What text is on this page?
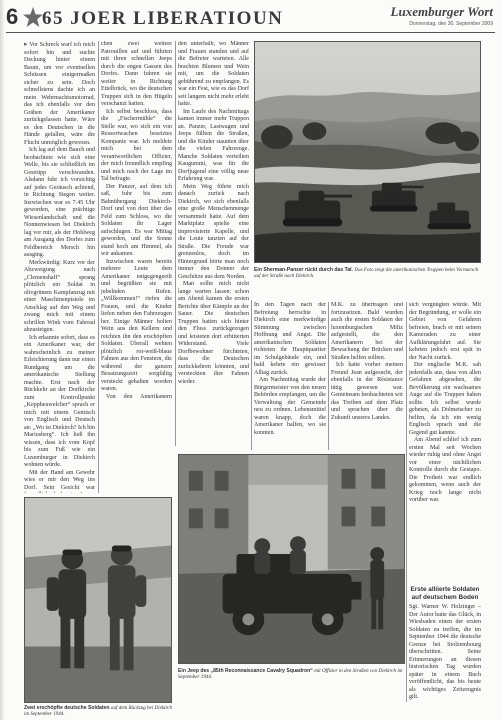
6 65 JOER LIBERATIOUN	Luxemburger Wort
Donnerstag, den 30. September 2009

▸ Vor Schreck warf ich mich sofort hin und suchte Deckung hinter einem Baum, um vor eventuellen Schüssen einigermaßen sicher zu sein. Doch schnellstens dachte ich an mein Wehrmachtsmotorrad, das ich ebenfalls vor den Gräben der Amerikaner zurückgelassen hatte. Wäre es den Deutschen in die Hände gefallen, wäre die Flucht unmöglich gewesen.

Ich lag auf dem Bauch und beobachtete wie sich eine Welle, bis sie schließlich im Gestrüpp verschwanden. Alsdann fuhr ich vorsichtig auf jedes Geräusch achtend, in Richtung Stegen weiter. Inzwischen war es 7.45 Uhr geworden, eine prächtige Wiesenlandschaft und die Nonnenwiesen bei Diekirch lag vor mir, als der Hohlweg am Ausgang des Dorfes zum Feldbereich Mersch hin ausging.

Merkwürdig: Kurz vor der Abzweigung nach „Clemenshaff“ sprang plötzlich ein Soldat in olivgrünem Kampfanzug mit einer Maschinenpistole im Anschlag auf den Weg und zwang mich mit einem schrillen Wink vom Fahrrad abzusteigen.

Ich erkannte sofort, dass es ein Amerikaner war, der wahrscheinlich zu meiner Erleichterung dann nur einen Rundgang um die amerikanische Stellung machte. Erst nach der Rückkehr an der Dorfkirche zum Kontrollpunkt „Keppheuwelcher“ sprach er mich mit einem Gemisch von Englisch und Deutsch an: „Wo ist Diekirch? Ich bin Mariusberg“. Ich ließ ihn wissen, dass ich vom Kopf bis zum Fuß wie ein Luxemburger in Diekirch wohnen würde.

Mit der Hand am Gewehr wies er mir den Weg ins Dorf. Sein Gesicht war

chen zwei weitere Patrouillen auf und führten mit ihren schnellen Jeeps durch die engen Gassen des Dorfes. Dann fuhren sie weiter in Richtung Ettelbrück, wo die deutschen Truppen sich in den Hügeln verschanzt hatten.

Ich selbst beschloss, dass die „Fischermühle“ die Stelle war, wo sich ein von Ressortwachen besetztes Kompanie war. Ich meldete mich bei dem verantwortlichen Offizier, der mich freundlich empfing und mich nach der Lage im Tal befragte.

Der Panzer, auf dem ich saß, fuhr bis zum Bahnübergang Diekirch-Dorf und von dort über das Feld zum Schloss, wo die Soldaten ihr Lager aufschlugen. Es war Mittag geworden, und die Sonne stand hoch am Himmel, als wir ankamen.

Inzwischen waren bereits mehrere Leute dem Amerikaner entgegengeeilt und begrüßten sie mit jubelnden Rufen. „Willkommen!“ riefen die Frauen, und die Kinder liefen neben den Fahrzeugen her. Einige Männer holten Wein aus den Kellern und reichten ihn den erschöpften Soldaten. Überall wehten plötzlich rot-weiß-blaue Fahnen aus den Fenstern, die während der ganzen Besatzungszeit sorgfältig versteckt gehalten worden waren.

Von den Amerikanern

den unterhalb, wo Männer und Frauen standen und auf die Befreier warteten. Alle brachten Blumen und Wein mit, um die Soldaten gebührend zu empfangen. Es war ein Fest, wie es das Dorf seit langem nicht mehr erlebt hatte.

Im Laufe des Nachmittags kamen immer mehr Truppen an. Panzer, Lastwagen und Jeeps füllten die Straßen, und die Kinder staunten über die vielen Fahrzeuge. Manche Soldaten verteilten Kaugummi, was für die Dorfjugend eine völlig neue Erfahrung war.

Mein Weg führte mich danach zurück nach Diekirch, wo sich ebenfalls eine große Menschenmenge versammelt hatte. Auf dem Marktplatz spielte eine improvisierte Kapelle, und die Leute tanzten auf der Straße. Die Freude war grenzenlos, doch im Hintergrund hörte man noch immer den Donner der Geschütze aus dem Norden.

Man sollte mich nicht lange warten lassen: schon am Abend kamen die ersten Berichte über Kämpfe an der Sauer. Die deutschen Truppen hatten sich hinter den Fluss zurückgezogen und leisteten dort erbitterten Widerstand. Viele Dorfbewohner fürchteten, dass die Deutschen zurückkehren könnten, und versteckten ihre Fahnen wieder.

Ein Sherman-Panzer rückt durch das Tal. Das Foto zeigt die amerikanischen Truppen beim Vormarsch auf der Straße nach Diekirch.

In den Tagen nach der Befreiung herrschte in Diekirch eine merkwürdige Stimmung zwischen Hoffnung und Angst. Die amerikanischen Soldaten richteten ihr Hauptquartier im Schulgebäude ein, und bald kehrte ein gewisser Alltag zurück.

Am Nachmittag wurde der Bürgermeister von den neuen Behörden empfangen, um die Verwaltung der Gemeinde neu zu ordnen. Lebensmittel waren knapp, doch die Amerikaner halfen, wo sie konnten.

M.K. zu übertragen und fortzusetzen. Bald wurden auch die ersten Soldaten der luxemburgischen Miliz aufgestellt, die den Amerikanern bei der Bewachung der Brücken und Straßen helfen sollten.

Ich hatte vorher meinen Freund Jean aufgesucht, der ebenfalls in der Résistance tätig gewesen war. Gemeinsam beobachteten wir das Treiben auf dem Platz und sprachen über die Zukunft unseres Landes.

sich vergnügten würde. Mit der Begründung, er wolle ein Gebiet von Gefahren befreien, brach er mit seinen Kameraden zu einer Aufklärungsfahrt auf. Sie kehrten jedoch erst spät in der Nacht zurück.

Der englische M.K. sah jedenfalls aus, dass von allen Gefahren abgesehen, die Bevölkerung ein wachsames Auge auf die Truppen haben sollte. Ich selbst wurde gebeten, als Dolmetscher zu helfen, da ich ein wenig Englisch sprach und die Gegend gut kannte.

Am Abend schlief ich zum ersten Mal seit Wochen wieder ruhig und ohne Angst vor einer nächtlichen Kontrolle durch die Gestapo. Die Freiheit war endlich gekommen, wenn auch der Krieg noch lange nicht vorüber war.

Erste alliierte Soldaten auf deutschem Boden

Sgt. Warner W. Holzinger – Der Autor hatte das Glück, in Wiesbaden einen der ersten Soldaten zu treffen, die im September 1944 die deutsche Grenze bei Stolzembourg überschritten. Seine Erinnerungen an diesen historischen Tag wurden später in einem Buch veröffentlicht, das bis heute als wichtiges Zeitzeugnis gilt.

Zwei erschöpfte deutsche Soldaten auf dem Rückzug bei Diekirch im September 1944.
Ein Jeep des „85th Reconnaissance Cavalry Squadron“ mit Offizier in den Straßen von Diekirch im September 1944.
